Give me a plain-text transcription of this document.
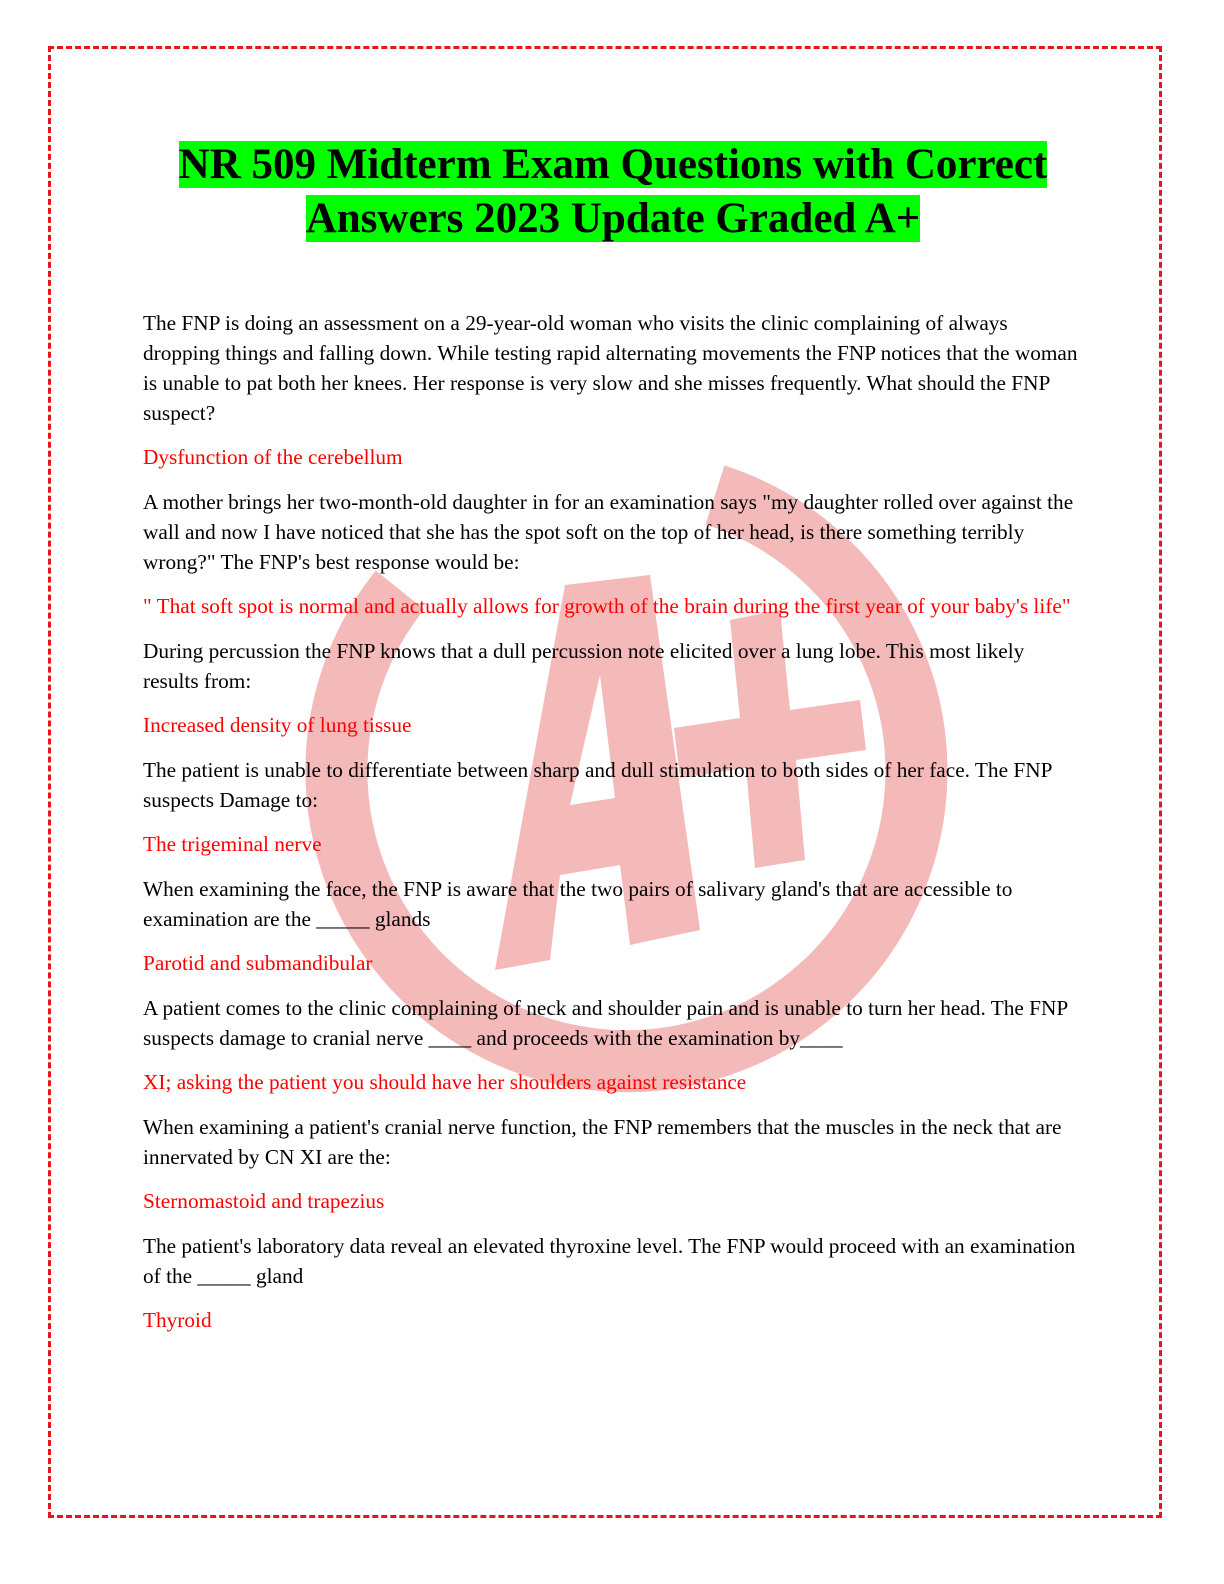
NR 509 Midterm Exam Questions with Correct
Answers 2023 Update Graded A+

The FNP is doing an assessment on a 29-year-old woman who visits the clinic complaining of always dropping things and falling down. While testing rapid alternating movements the FNP notices that the woman is unable to pat both her knees. Her response is very slow and she misses frequently. What should the FNP suspect?

Dysfunction of the cerebellum

A mother brings her two-month-old daughter in for an examination says "my daughter rolled over against the wall and now I have noticed that she has the spot soft on the top of her head, is there something terribly wrong?" The FNP's best response would be:

" That soft spot is normal and actually allows for growth of the brain during the first year of your baby's life"

During percussion the FNP knows that a dull percussion note elicited over a lung lobe. This most likely results from:

Increased density of lung tissue

The patient is unable to differentiate between sharp and dull stimulation to both sides of her face. The FNP suspects Damage to:

The trigeminal nerve

When examining the face, the FNP is aware that the two pairs of salivary gland's that are accessible to examination are the _____ glands

Parotid and submandibular

A patient comes to the clinic complaining of neck and shoulder pain and is unable to turn her head. The FNP suspects damage to cranial nerve ____ and proceeds with the examination by____

XI; asking the patient you should have her shoulders against resistance

When examining a patient's cranial nerve function, the FNP remembers that the muscles in the neck that are innervated by CN XI are the:

Sternomastoid and trapezius

The patient's laboratory data reveal an elevated thyroxine level. The FNP would proceed with an examination of the _____ gland

Thyroid
